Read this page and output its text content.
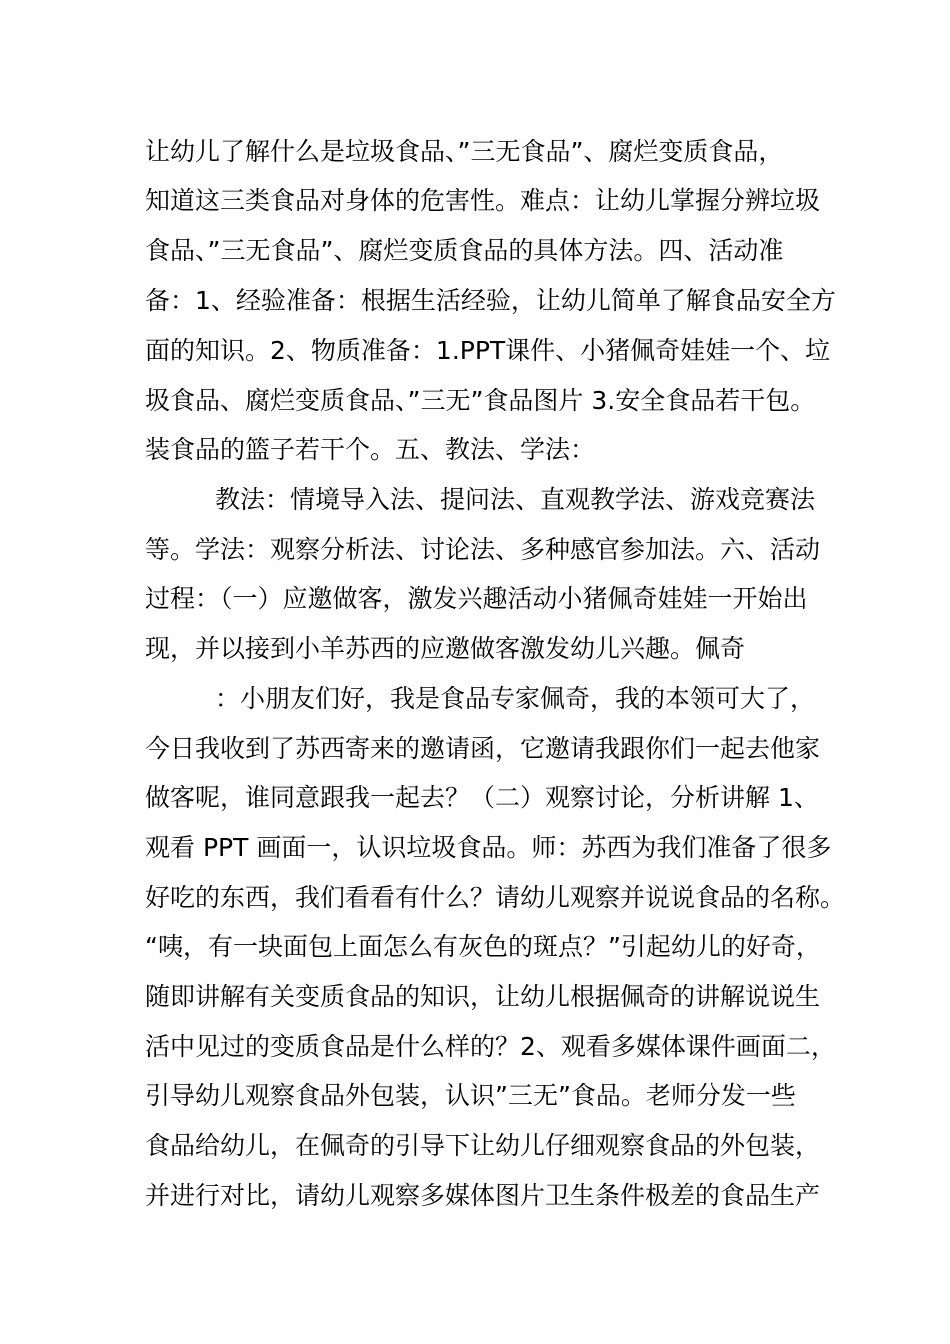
让幼儿了解什么是垃圾食品、”三无食品”、腐烂变质食品，
知道这三类食品对身体的危害性。难点：让幼儿掌握分辨垃圾
食品、”三无食品”、腐烂变质食品的具体方法。四、活动准
备：1、经验准备：根据生活经验，让幼儿简单了解食品安全方
面的知识。2、物质准备：1.PPT课件、小猪佩奇娃娃一个、垃
圾食品、腐烂变质食品、”三无”食品图片 3.安全食品若干包。
装食品的篮子若干个。五、教法、学法：
教法：情境导入法、提问法、直观教学法、游戏竞赛法
等。学法：观察分析法、讨论法、多种感官参加法。六、活动
过程：（一）应邀做客，激发兴趣活动小猪佩奇娃娃一开始出
现，并以接到小羊苏西的应邀做客激发幼儿兴趣。佩奇
：小朋友们好，我是食品专家佩奇，我的本领可大了，
今日我收到了苏西寄来的邀请函，它邀请我跟你们一起去他家
做客呢，谁同意跟我一起去？（二）观察讨论，分析讲解 1、
观看 PPT 画面一，认识垃圾食品。师：苏西为我们准备了很多
好吃的东西，我们看看有什么？请幼儿观察并说说食品的名称。
“咦，有一块面包上面怎么有灰色的斑点？”引起幼儿的好奇，
随即讲解有关变质食品的知识，让幼儿根据佩奇的讲解说说生
活中见过的变质食品是什么样的？2、观看多媒体课件画面二，
引导幼儿观察食品外包装，认识”三无”食品。老师分发一些
食品给幼儿，在佩奇的引导下让幼儿仔细观察食品的外包装，
并进行对比，请幼儿观察多媒体图片卫生条件极差的食品生产
